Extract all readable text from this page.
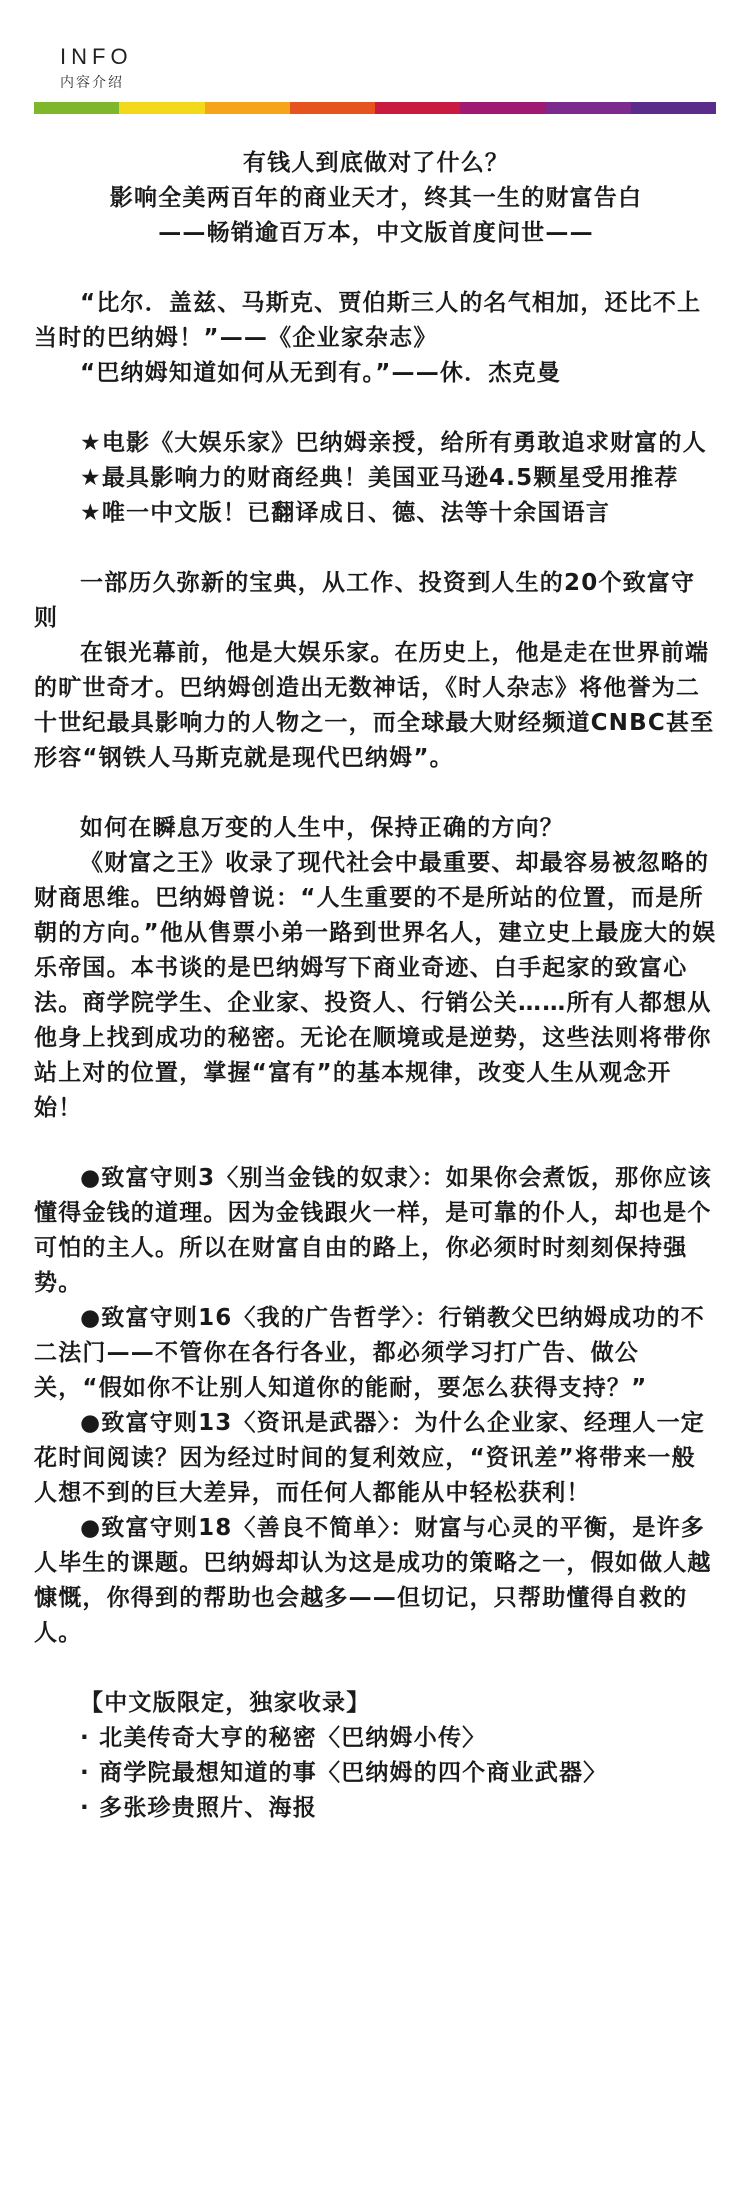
INFO
内容介绍

有钱人到底做对了什么？

影响全美两百年的商业天才，终其一生的财富告白

——畅销逾百万本，中文版首度问世——

“比尔．盖兹、马斯克、贾伯斯三人的名气相加，还比不上当时的巴纳姆！”——《企业家杂志》

“巴纳姆知道如何从无到有。”——休．杰克曼

★电影《大娱乐家》巴纳姆亲授，给所有勇敢追求财富的人

★最具影响力的财商经典！美国亚马逊4.5颗星受用推荐

★唯一中文版！已翻译成日、德、法等十余国语言

一部历久弥新的宝典，从工作、投资到人生的20个致富守则

在银光幕前，他是大娱乐家。在历史上，他是走在世界前端的旷世奇才。巴纳姆创造出无数神话，《时人杂志》将他誉为二十世纪最具影响力的人物之一，而全球最大财经频道CNBC甚至形容“钢铁人马斯克就是现代巴纳姆”。

如何在瞬息万变的人生中，保持正确的方向？

《财富之王》收录了现代社会中最重要、却最容易被忽略的财商思维。巴纳姆曾说：“人生重要的不是所站的位置，而是所朝的方向。”他从售票小弟一路到世界名人，建立史上最庞大的娱乐帝国。本书谈的是巴纳姆写下商业奇迹、白手起家的致富心法。商学院学生、企业家、投资人、行销公关……所有人都想从他身上找到成功的秘密。无论在顺境或是逆势，这些法则将带你站上对的位置，掌握“富有”的基本规律，改变人生从观念开始！

●致富守则3〈别当金钱的奴隶〉：如果你会煮饭，那你应该懂得金钱的道理。因为金钱跟火一样，是可靠的仆人，却也是个可怕的主人。所以在财富自由的路上，你必须时时刻刻保持强势。

●致富守则16〈我的广告哲学〉：行销教父巴纳姆成功的不二法门——不管你在各行各业，都必须学习打广告、做公关，“假如你不让别人知道你的能耐，要怎么获得支持？”

●致富守则13〈资讯是武器〉：为什么企业家、经理人一定花时间阅读？因为经过时间的复利效应，“资讯差”将带来一般人想不到的巨大差异，而任何人都能从中轻松获利！

●致富守则18〈善良不简单〉：财富与心灵的平衡，是许多人毕生的课题。巴纳姆却认为这是成功的策略之一，假如做人越慷慨，你得到的帮助也会越多——但切记，只帮助懂得自救的人。

【中文版限定，独家收录】

· 北美传奇大亨的秘密〈巴纳姆小传〉

· 商学院最想知道的事〈巴纳姆的四个商业武器〉

· 多张珍贵照片、海报
